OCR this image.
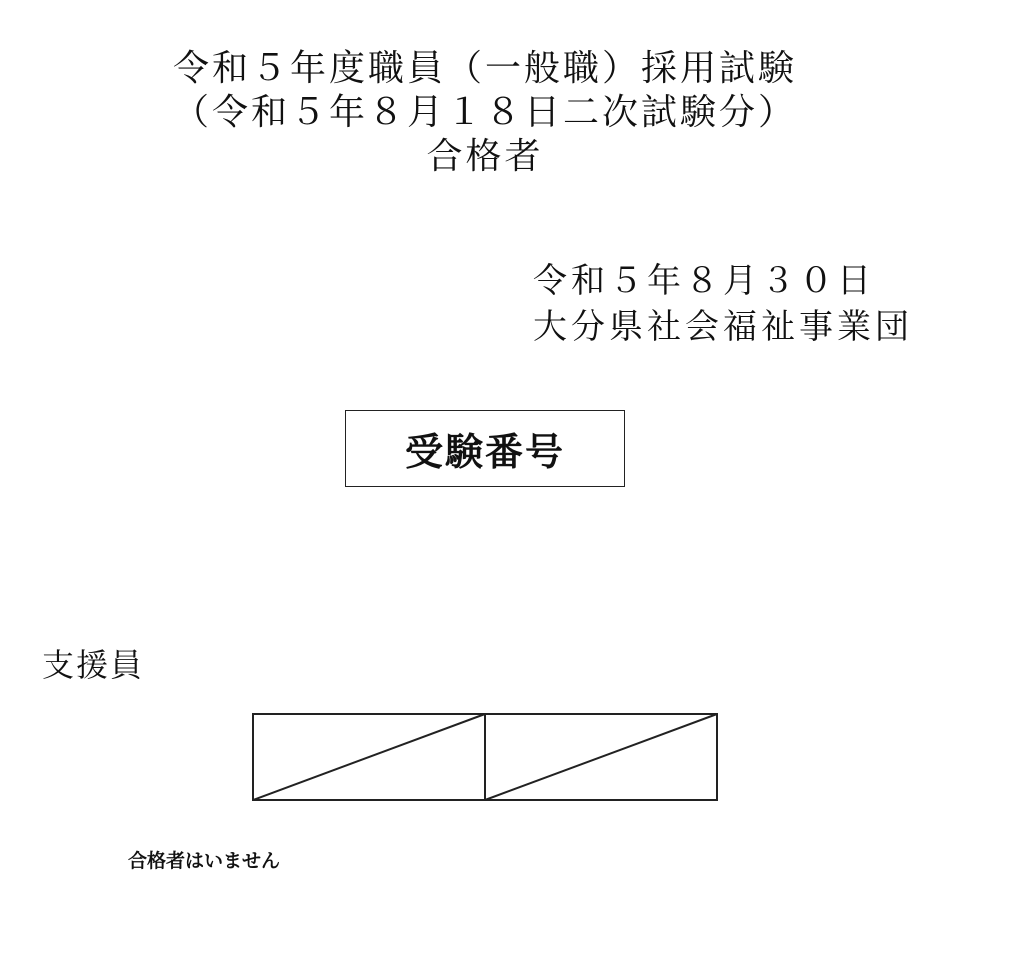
令和５年度職員（一般職）採用試験
（令和５年８月１８日二次試験分）
合格者
令和５年８月３０日
大分県社会福祉事業団
受験番号
支援員
合格者はいません
